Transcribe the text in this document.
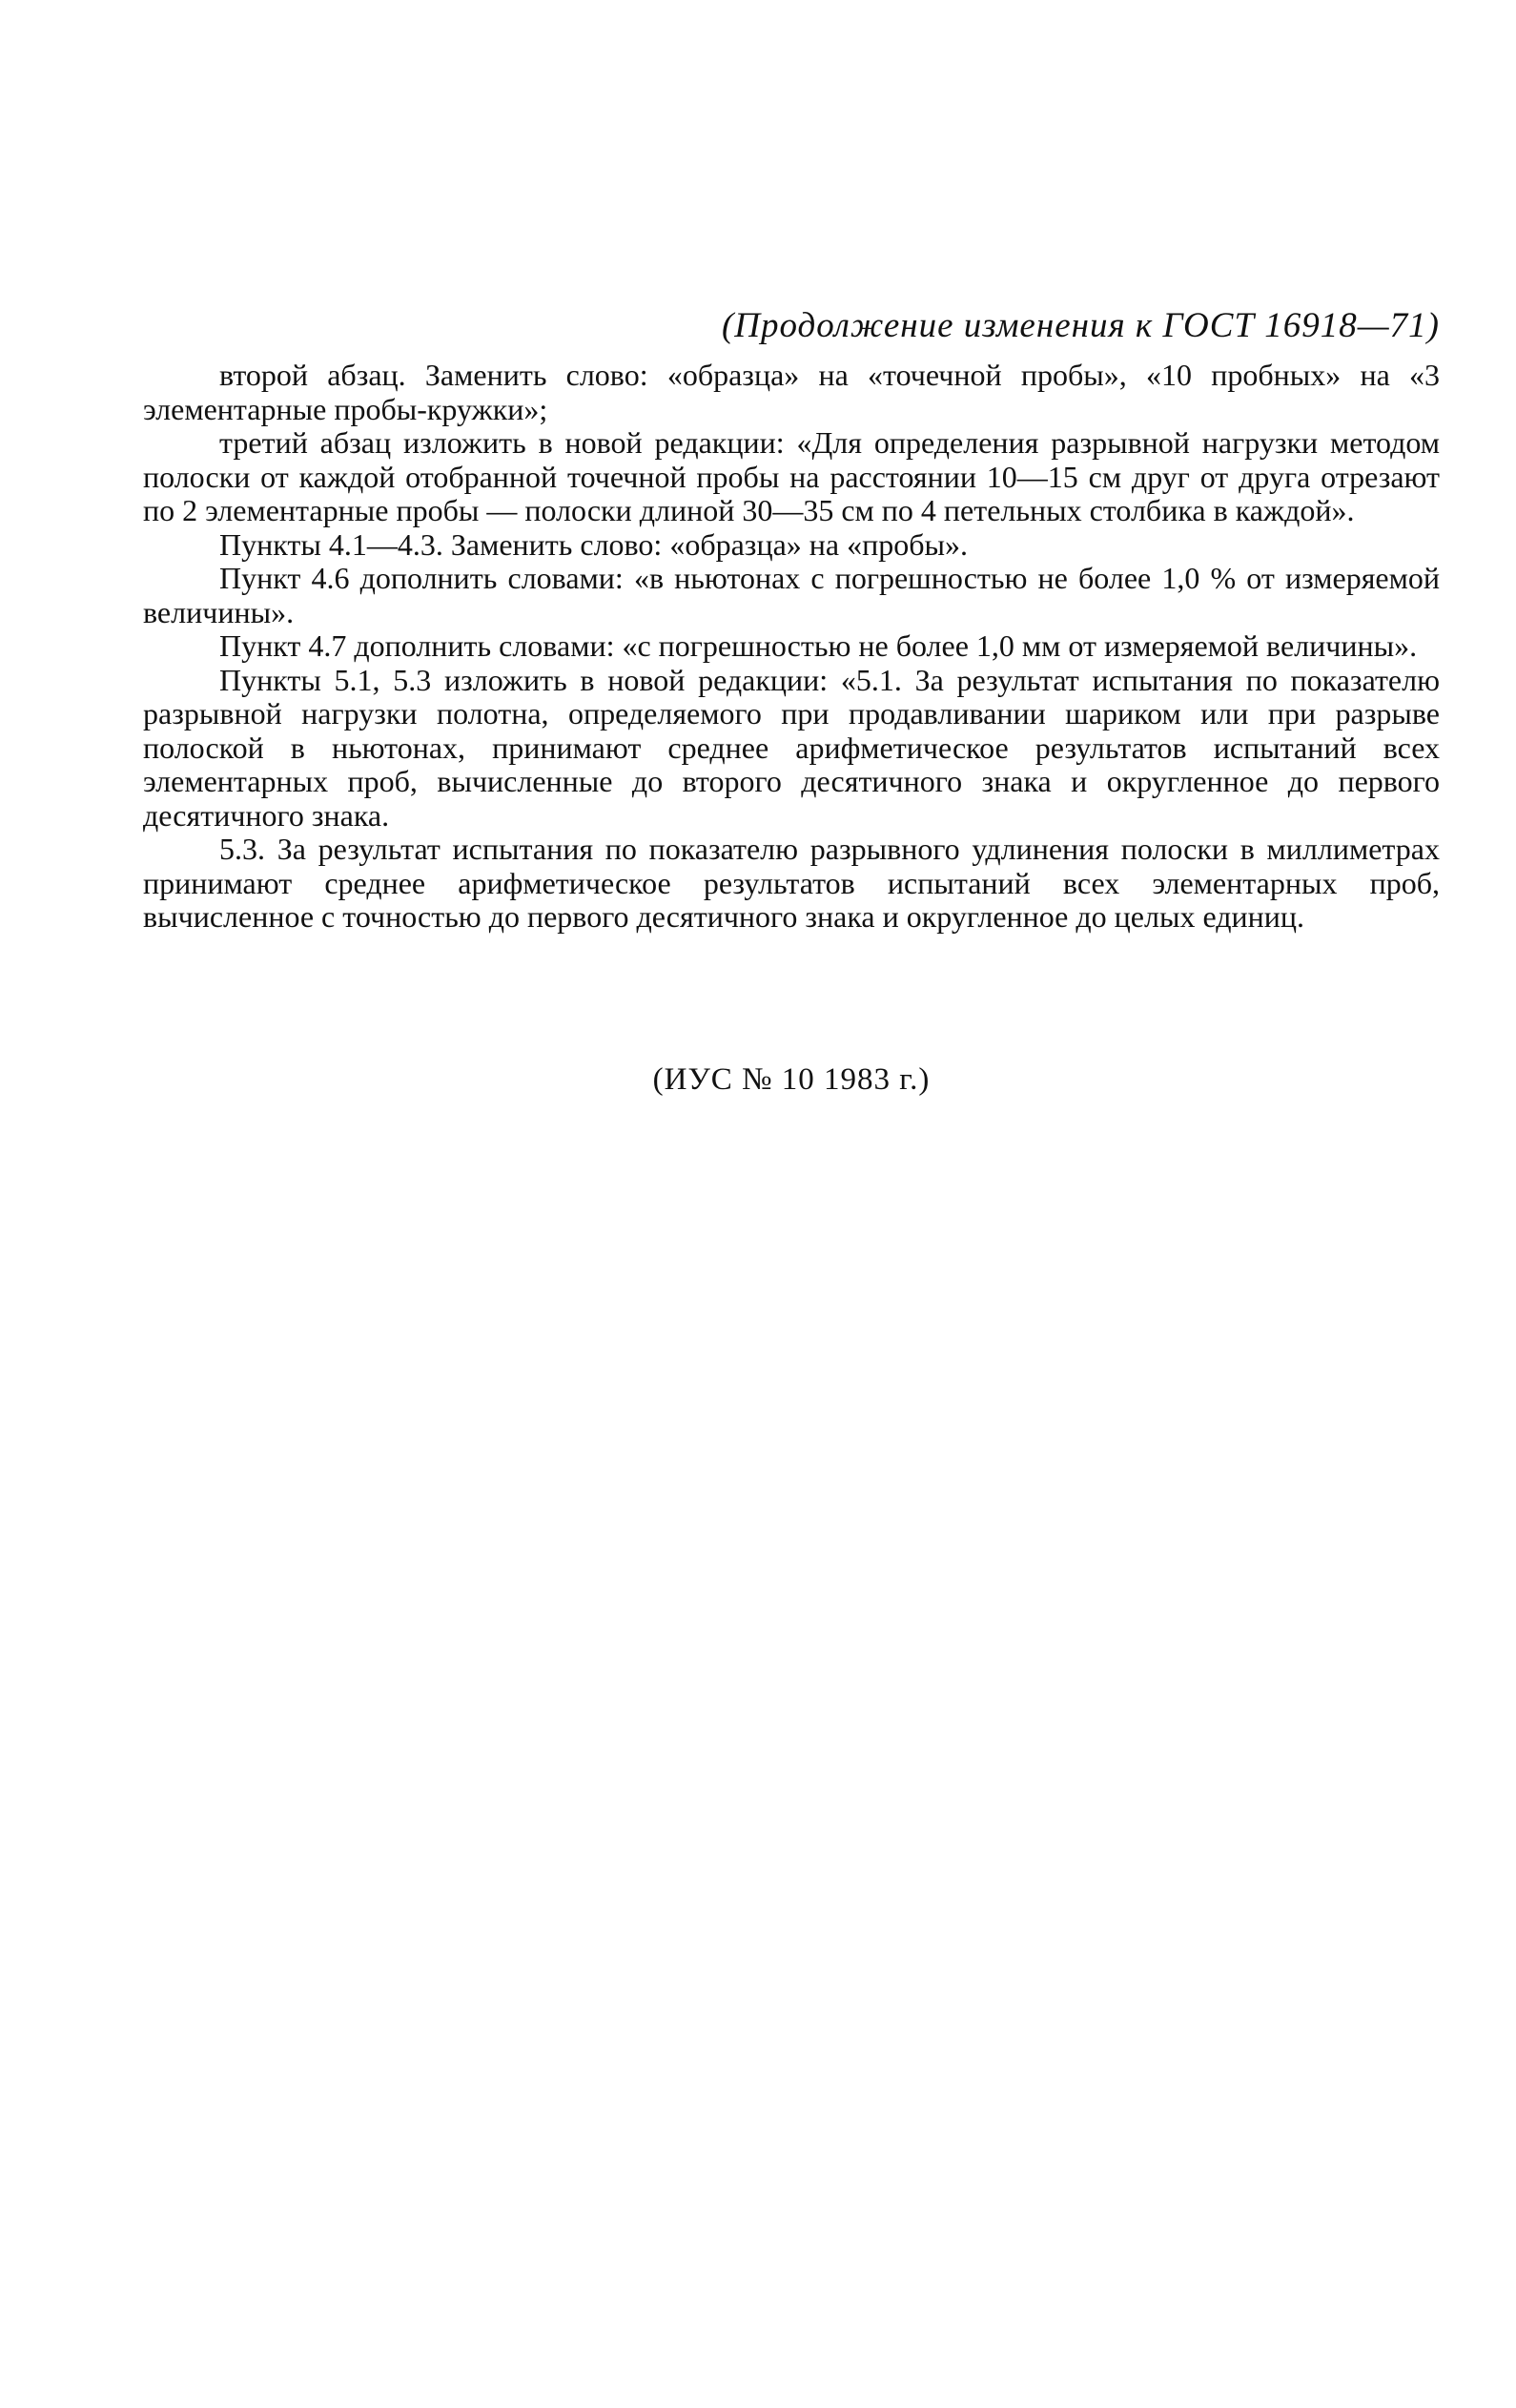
(Продолжение изменения к ГОСТ 16918—71)

второй абзац. Заменить слово: «образца» на «точечной пробы», «10 пробных» на «3 элементарные пробы-кружки»;

третий абзац изложить в новой редакции: «Для определения разрывной нагрузки методом полоски от каждой отобранной точечной пробы на расстоянии 10—15 см друг от друга отрезают по 2 элементарные пробы — полоски длиной 30—35 см по 4 петельных столбика в каждой».

Пункты 4.1—4.3. Заменить слово: «образца» на «пробы».

Пункт 4.6 дополнить словами: «в ньютонах с погрешностью не более 1,0 % от измеряемой величины».

Пункт 4.7 дополнить словами: «с погрешностью не более 1,0 мм от измеряемой величины».

Пункты 5.1, 5.3 изложить в новой редакции: «5.1. За результат испытания по показателю разрывной нагрузки полотна, определяемого при продавливании шариком или при разрыве полоской в ньютонах, принимают среднее арифметическое результатов испытаний всех элементарных проб, вычисленные до второго десятичного знака и округленное до первого десятичного знака.

5.3. За результат испытания по показателю разрывного удлинения полоски в миллиметрах принимают среднее арифметическое результатов испытаний всех элементарных проб, вычисленное с точностью до первого десятичного знака и округленное до целых единиц.

(ИУС № 10 1983 г.)
